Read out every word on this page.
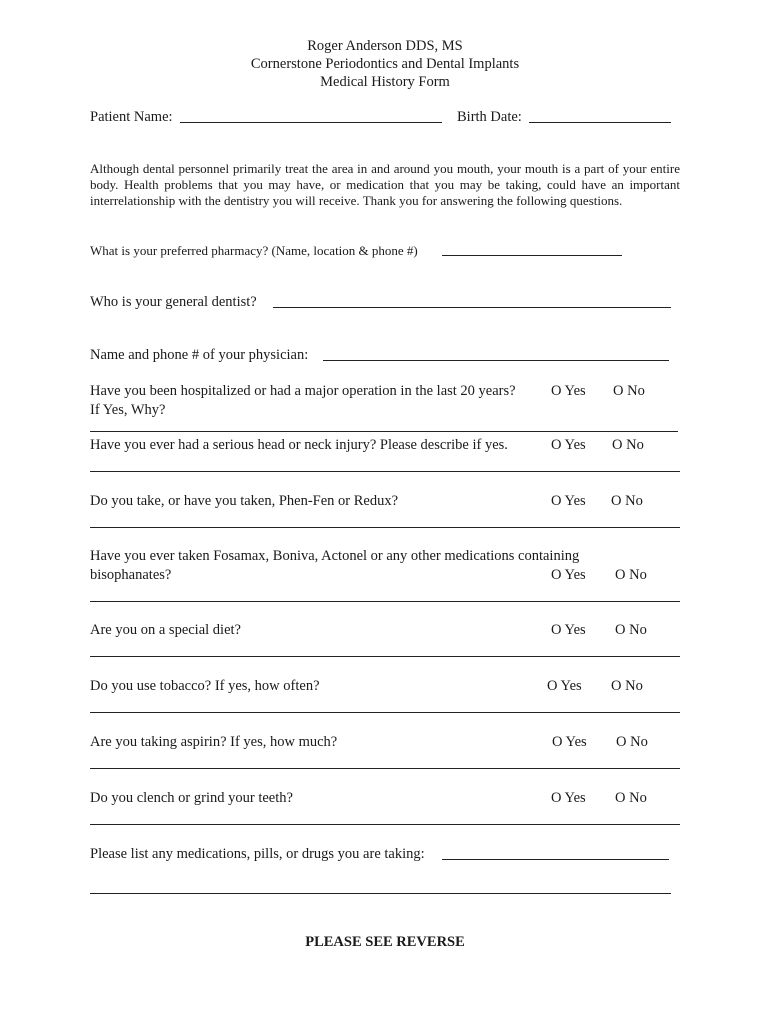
Roger Anderson DDS, MS
Cornerstone Periodontics and Dental Implants
Medical History Form
Patient Name:	Birth Date:
Although dental personnel primarily treat the area in and around you mouth, your mouth is a part of your entire body. Health problems that you may have, or medication that you may be taking, could have an important interrelationship with the dentistry you will receive. Thank you for answering the following questions.
What is your preferred pharmacy? (Name, location & phone #)
Who is your general dentist?
Name and phone # of your physician:
Have you been hospitalized or had a major operation in the last 20 years?
If Yes, Why?
O Yes O No
Have you ever had a serious head or neck injury? Please describe if yes.	O Yes O No
Do you take, or have you taken, Phen-Fen or Redux?	O Yes O No
Have you ever taken Fosamax, Boniva, Actonel or any other medications containing
bisophanates?	O Yes O No
Are you on a special diet?	O Yes O No
Do you use tobacco? If yes, how often?	O Yes O No
Are you taking aspirin? If yes, how much?	O Yes O No
Do you clench or grind your teeth?	O Yes O No
Please list any medications, pills, or drugs you are taking:
PLEASE SEE REVERSE
